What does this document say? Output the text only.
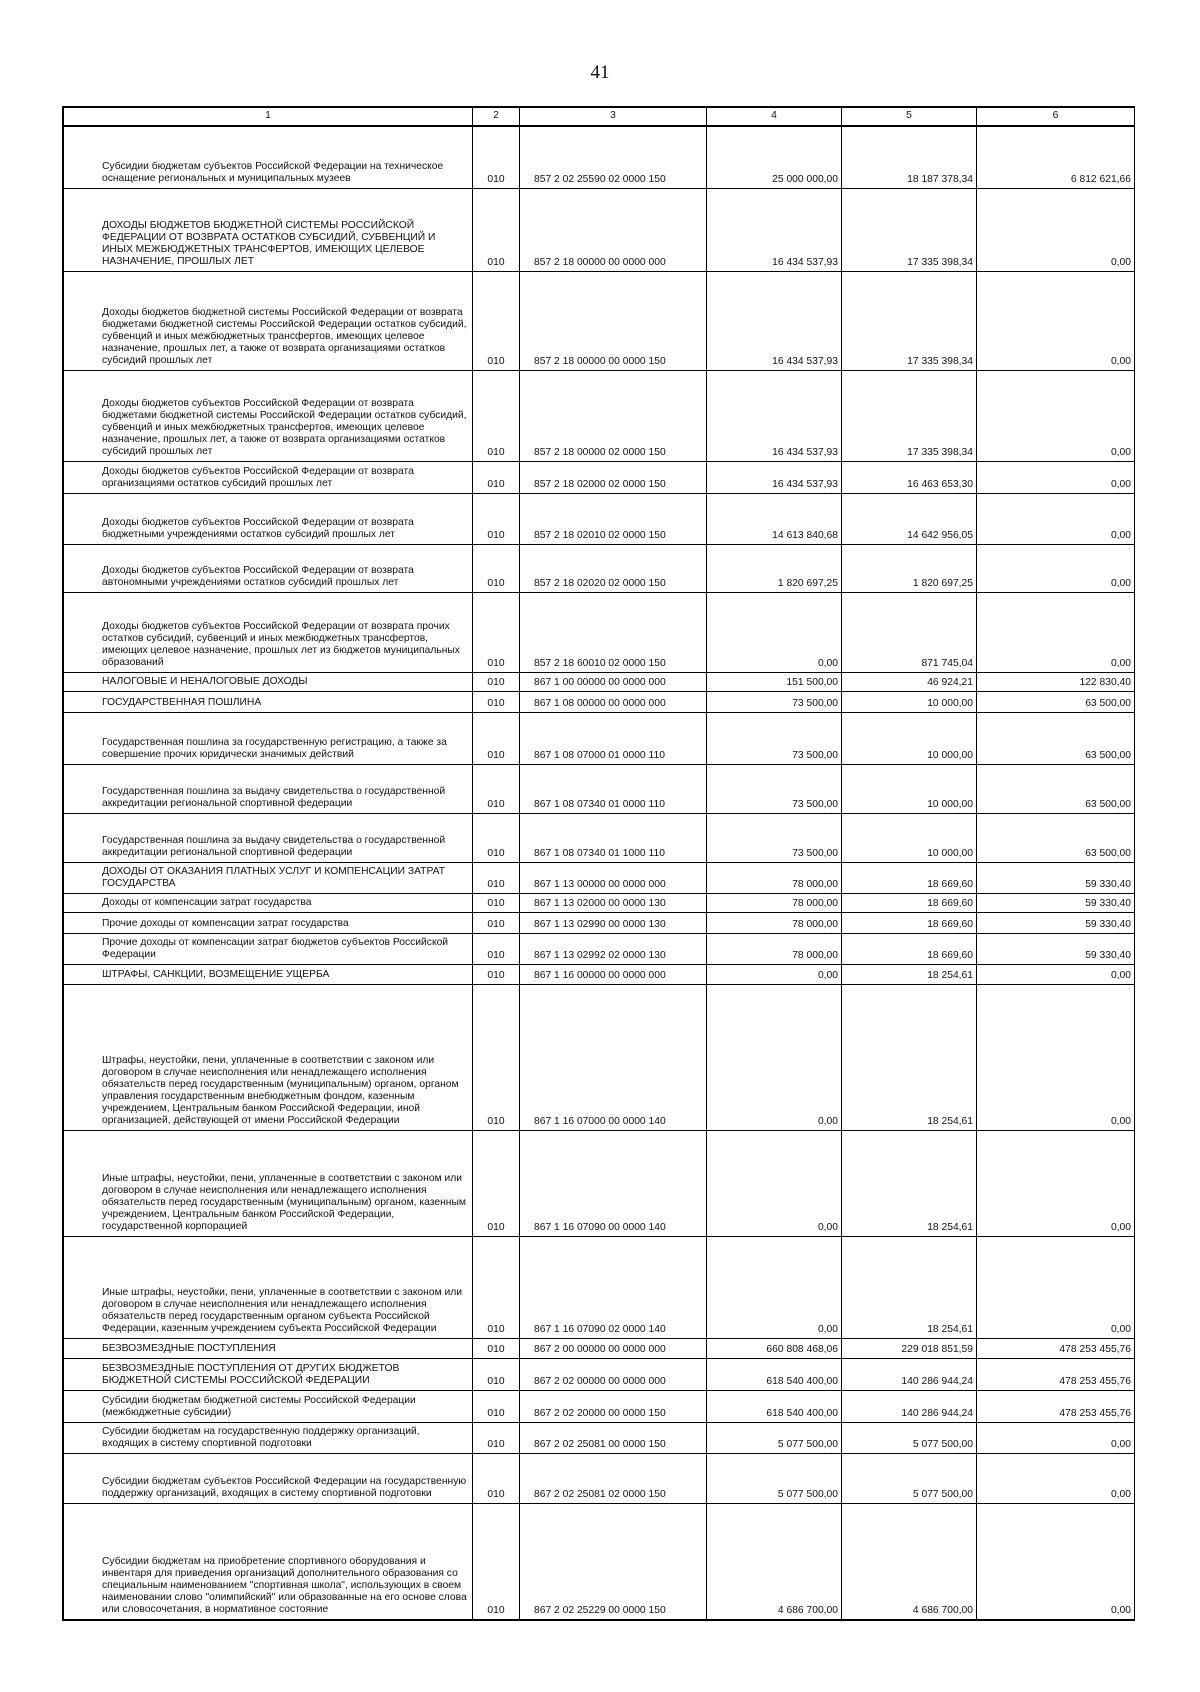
41
1	2	3	4	5	6
Субсидии бюджетам субъектов Российской Федерации на техническое оснащение региональных и муниципальных музеев	010	857 2 02 25590 02 0000 150	25 000 000,00	18 187 378,34	6 812 621,66
ДОХОДЫ БЮДЖЕТОВ БЮДЖЕТНОЙ СИСТЕМЫ РОССИЙСКОЙ ФЕДЕРАЦИИ ОТ ВОЗВРАТА ОСТАТКОВ СУБСИДИЙ, СУБВЕНЦИЙ И ИНЫХ МЕЖБЮДЖЕТНЫХ ТРАНСФЕРТОВ, ИМЕЮЩИХ ЦЕЛЕВОЕ НАЗНАЧЕНИЕ, ПРОШЛЫХ ЛЕТ	010	857 2 18 00000 00 0000 000	16 434 537,93	17 335 398,34	0,00
Доходы бюджетов бюджетной системы Российской Федерации от возврата бюджетами бюджетной системы Российской Федерации остатков субсидий, субвенций и иных межбюджетных трансфертов, имеющих целевое назначение, прошлых лет, а также от возврата организациями остатков субсидий прошлых лет	010	857 2 18 00000 00 0000 150	16 434 537,93	17 335 398,34	0,00
Доходы бюджетов субъектов Российской Федерации от возврата бюджетами бюджетной системы Российской Федерации остатков субсидий, субвенций и иных межбюджетных трансфертов, имеющих целевое назначение, прошлых лет, а также от возврата организациями остатков субсидий прошлых лет	010	857 2 18 00000 02 0000 150	16 434 537,93	17 335 398,34	0,00
Доходы бюджетов субъектов Российской Федерации от возврата организациями остатков субсидий прошлых лет	010	857 2 18 02000 02 0000 150	16 434 537,93	16 463 653,30	0,00
Доходы бюджетов субъектов Российской Федерации от возврата бюджетными учреждениями остатков субсидий прошлых лет	010	857 2 18 02010 02 0000 150	14 613 840,68	14 642 956,05	0,00
Доходы бюджетов субъектов Российской Федерации от возврата автономными учреждениями остатков субсидий прошлых лет	010	857 2 18 02020 02 0000 150	1 820 697,25	1 820 697,25	0,00
Доходы бюджетов субъектов Российской Федерации от возврата прочих остатков субсидий, субвенций и иных межбюджетных трансфертов, имеющих целевое назначение, прошлых лет из бюджетов муниципальных образований	010	857 2 18 60010 02 0000 150	0,00	871 745,04	0,00
НАЛОГОВЫЕ И НЕНАЛОГОВЫЕ ДОХОДЫ	010	867 1 00 00000 00 0000 000	151 500,00	46 924,21	122 830,40
ГОСУДАРСТВЕННАЯ ПОШЛИНА	010	867 1 08 00000 00 0000 000	73 500,00	10 000,00	63 500,00
Государственная пошлина за государственную регистрацию, а также за совершение прочих юридически значимых действий	010	867 1 08 07000 01 0000 110	73 500,00	10 000,00	63 500,00
Государственная пошлина за выдачу свидетельства о государственной аккредитации региональной спортивной федерации	010	867 1 08 07340 01 0000 110	73 500,00	10 000,00	63 500,00
Государственная пошлина за выдачу свидетельства о государственной аккредитации региональной спортивной федерации	010	867 1 08 07340 01 1000 110	73 500,00	10 000,00	63 500,00
ДОХОДЫ ОТ ОКАЗАНИЯ ПЛАТНЫХ УСЛУГ И КОМПЕНСАЦИИ ЗАТРАТ ГОСУДАРСТВА	010	867 1 13 00000 00 0000 000	78 000,00	18 669,60	59 330,40
Доходы от компенсации затрат государства	010	867 1 13 02000 00 0000 130	78 000,00	18 669,60	59 330,40
Прочие доходы от компенсации затрат государства	010	867 1 13 02990 00 0000 130	78 000,00	18 669,60	59 330,40
Прочие доходы от компенсации затрат бюджетов субъектов Российской Федерации	010	867 1 13 02992 02 0000 130	78 000,00	18 669,60	59 330,40
ШТРАФЫ, САНКЦИИ, ВОЗМЕЩЕНИЕ УЩЕРБА	010	867 1 16 00000 00 0000 000	0,00	18 254,61	0,00
Штрафы, неустойки, пени, уплаченные в соответствии с законом или договором в случае неисполнения или ненадлежащего исполнения обязательств перед государственным (муниципальным) органом, органом управления государственным внебюджетным фондом, казенным учреждением, Центральным банком Российской Федерации, иной организацией, действующей от имени Российской Федерации	010	867 1 16 07000 00 0000 140	0,00	18 254,61	0,00
Иные штрафы, неустойки, пени, уплаченные в соответствии с законом или договором в случае неисполнения или ненадлежащего исполнения обязательств перед государственным (муниципальным) органом, казенным учреждением, Центральным банком Российской Федерации, государственной корпорацией	010	867 1 16 07090 00 0000 140	0,00	18 254,61	0,00
Иные штрафы, неустойки, пени, уплаченные в соответствии с законом или договором в случае неисполнения или ненадлежащего исполнения обязательств перед государственным органом субъекта Российской Федерации, казенным учреждением субъекта Российской Федерации	010	867 1 16 07090 02 0000 140	0,00	18 254,61	0,00
БЕЗВОЗМЕЗДНЫЕ ПОСТУПЛЕНИЯ	010	867 2 00 00000 00 0000 000	660 808 468,06	229 018 851,59	478 253 455,76
БЕЗВОЗМЕЗДНЫЕ ПОСТУПЛЕНИЯ ОТ ДРУГИХ БЮДЖЕТОВ БЮДЖЕТНОЙ СИСТЕМЫ РОССИЙСКОЙ ФЕДЕРАЦИИ	010	867 2 02 00000 00 0000 000	618 540 400,00	140 286 944,24	478 253 455,76
Субсидии бюджетам бюджетной системы Российской Федерации (межбюджетные субсидии)	010	867 2 02 20000 00 0000 150	618 540 400,00	140 286 944,24	478 253 455,76
Субсидии бюджетам на государственную поддержку организаций, входящих в систему спортивной подготовки	010	867 2 02 25081 00 0000 150	5 077 500,00	5 077 500,00	0,00
Субсидии бюджетам субъектов Российской Федерации на государственную поддержку организаций, входящих в систему спортивной подготовки	010	867 2 02 25081 02 0000 150	5 077 500,00	5 077 500,00	0,00
Субсидии бюджетам на приобретение спортивного оборудования и инвентаря для приведения организаций дополнительного образования со специальным наименованием "спортивная школа", использующих в своем наименовании слово "олимпийский" или образованные на его основе слова или словосочетания, в нормативное состояние	010	867 2 02 25229 00 0000 150	4 686 700,00	4 686 700,00	0,00
